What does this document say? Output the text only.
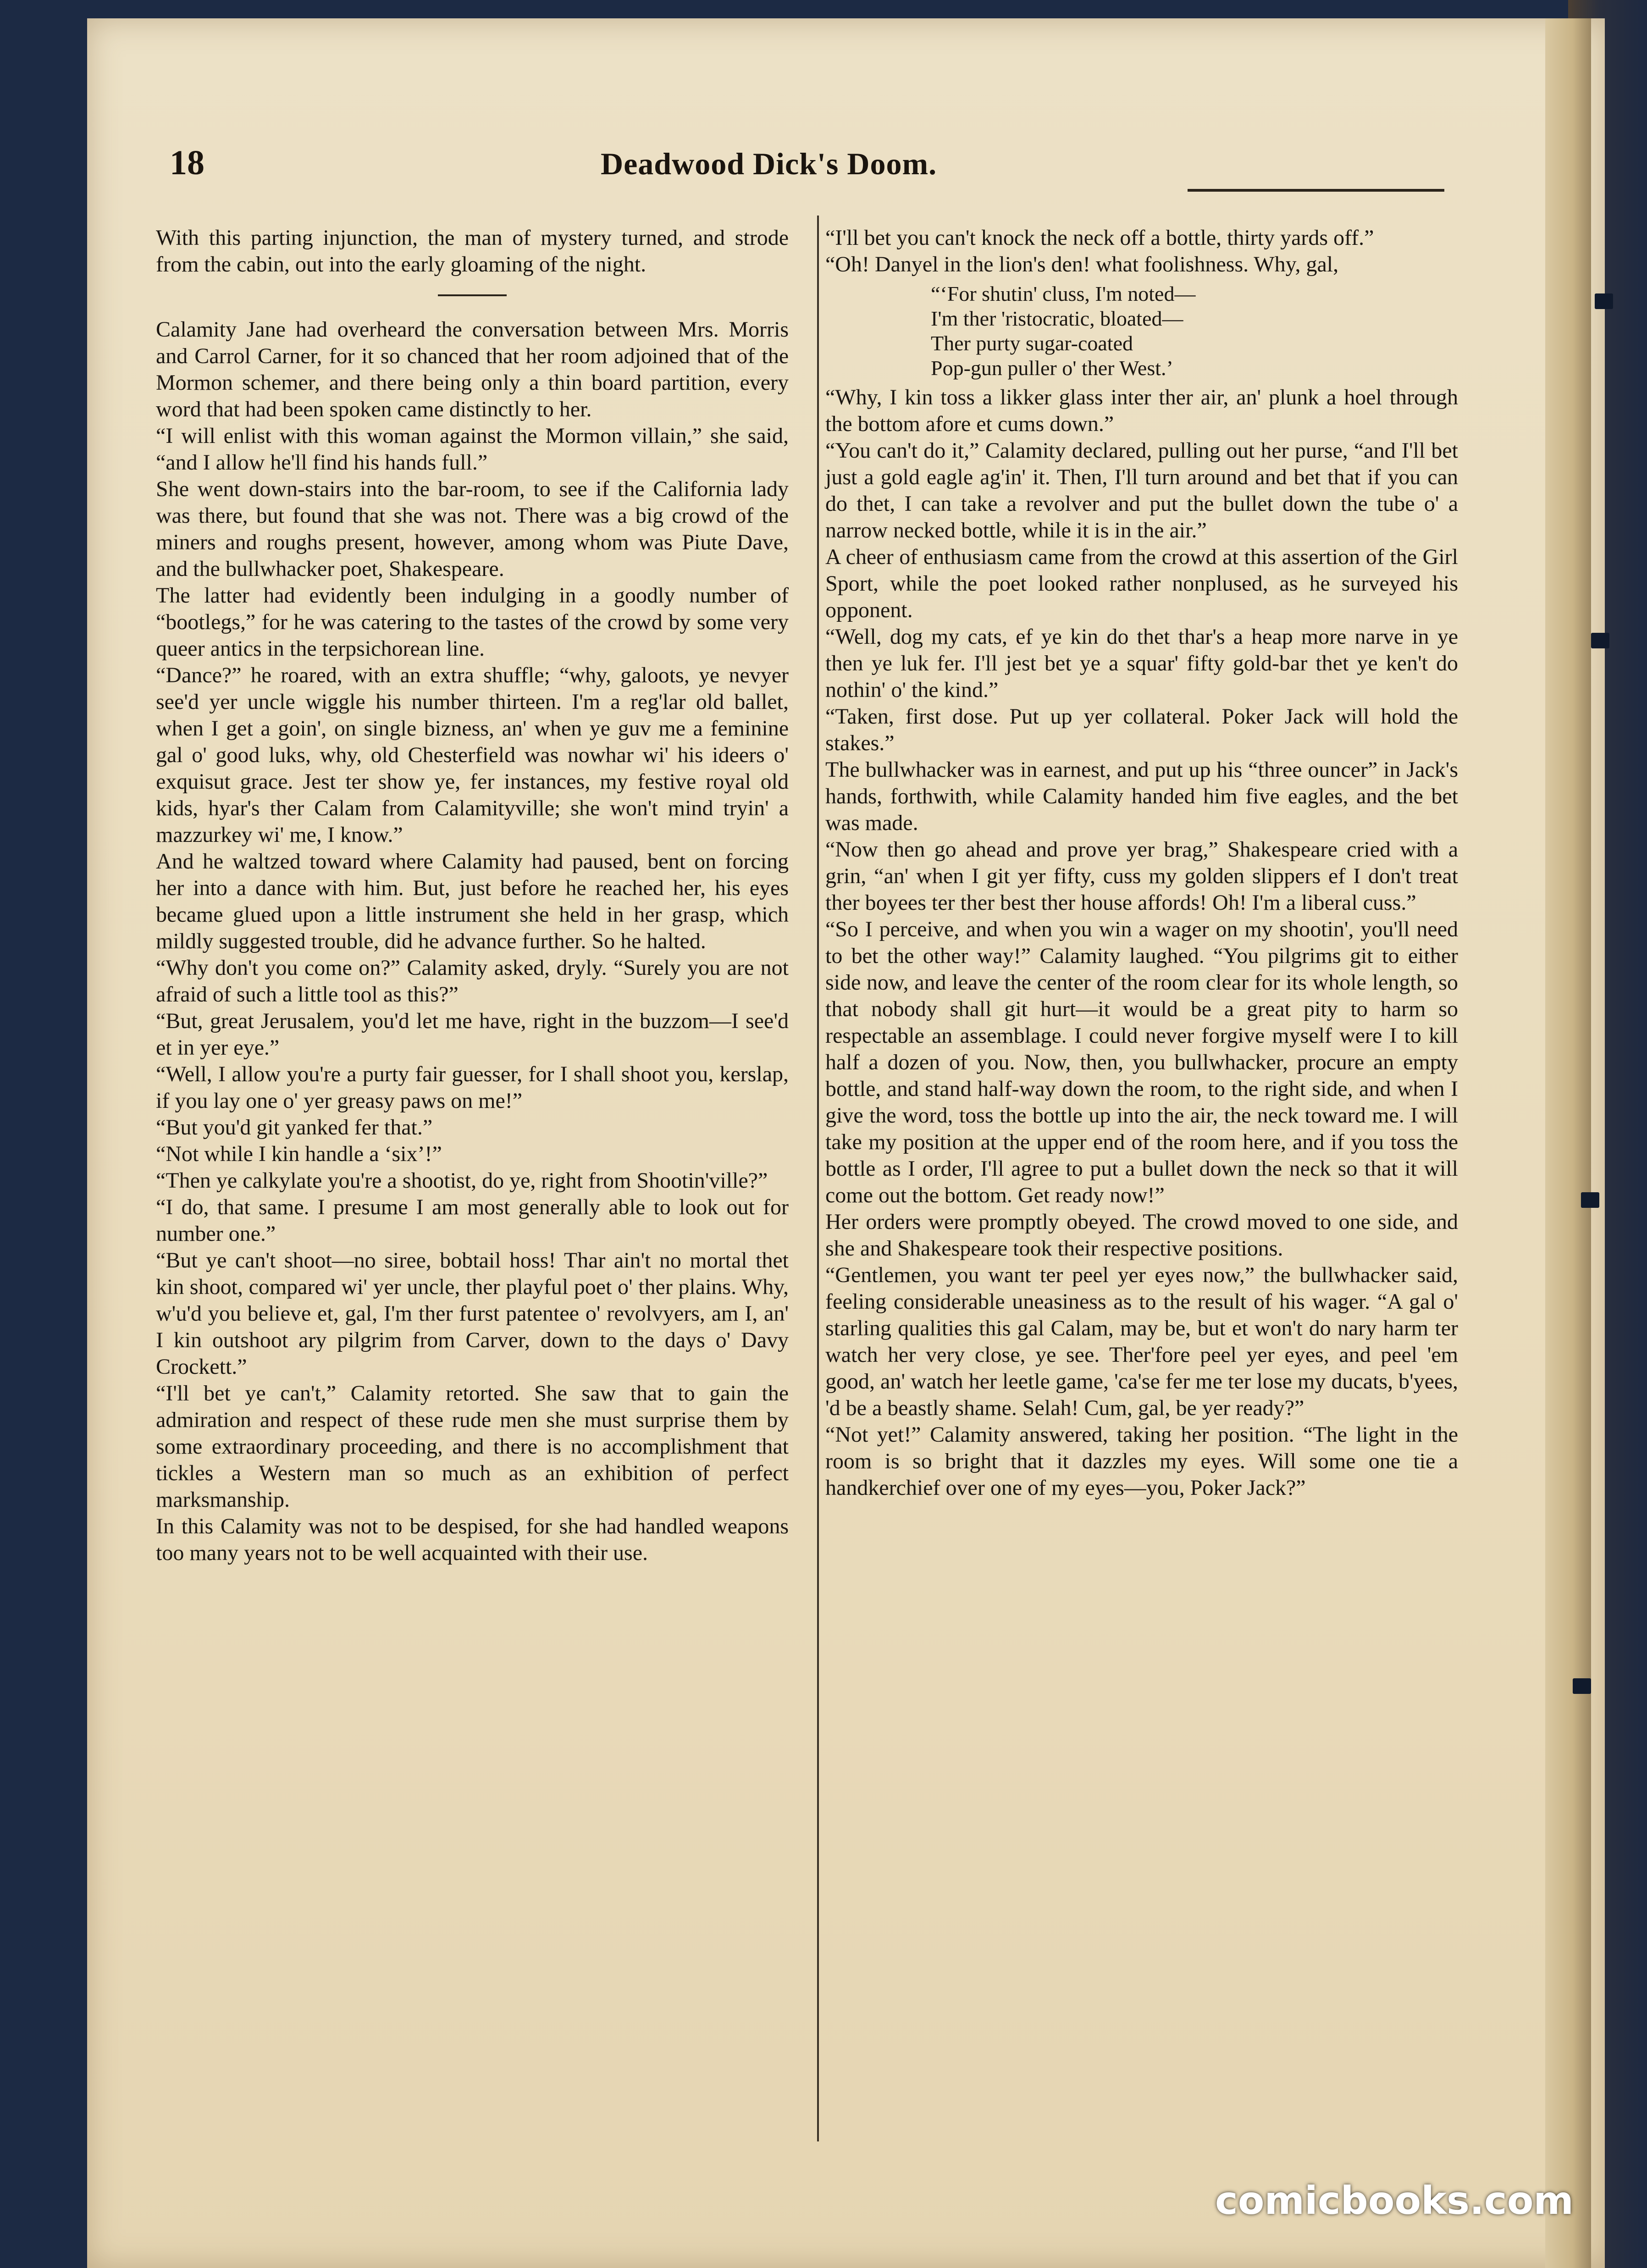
18	Deadwood Dick's Doom.

With this parting injunction, the man of mystery turned, and strode from the cabin, out into the early gloaming of the night.

Calamity Jane had overheard the conversation between Mrs. Morris and Carrol Carner, for it so chanced that her room adjoined that of the Mormon schemer, and there being only a thin board partition, every word that had been spoken came distinctly to her.

“I will enlist with this woman against the Mormon villain,” she said, “and I allow he'll find his hands full.”

She went down-stairs into the bar-room, to see if the California lady was there, but found that she was not. There was a big crowd of the miners and roughs present, however, among whom was Piute Dave, and the bullwhacker poet, Shakespeare.

The latter had evidently been indulging in a goodly number of “bootlegs,” for he was catering to the tastes of the crowd by some very queer antics in the terpsichorean line.

“Dance?” he roared, with an extra shuffle; “why, galoots, ye nevyer see'd yer uncle wiggle his number thirteen. I'm a reg'lar old ballet, when I get a goin', on single bizness, an' when ye guv me a feminine gal o' good luks, why, old Chesterfield was nowhar wi' his ideers o' exquisut grace. Jest ter show ye, fer instances, my festive royal old kids, hyar's ther Calam from Calamityville; she won't mind tryin' a mazzurkey wi' me, I know.”

And he waltzed toward where Calamity had paused, bent on forcing her into a dance with him. But, just before he reached her, his eyes became glued upon a little instrument she held in her grasp, which mildly suggested trouble, did he advance further. So he halted.

“Why don't you come on?” Calamity asked, dryly. “Surely you are not afraid of such a little tool as this?”

“But, great Jerusalem, you'd let me have, right in the buzzom—I see'd et in yer eye.”

“Well, I allow you're a purty fair guesser, for I shall shoot you, kerslap, if you lay one o' yer greasy paws on me!”

“But you'd git yanked fer that.”

“Not while I kin handle a ‘six’!”

“Then ye calkylate you're a shootist, do ye, right from Shootin'ville?”

“I do, that same. I presume I am most generally able to look out for number one.”

“But ye can't shoot—no siree, bobtail hoss! Thar ain't no mortal thet kin shoot, compared wi' yer uncle, ther playful poet o' ther plains. Why, w'u'd you believe et, gal, I'm ther furst patentee o' revolvyers, am I, an' I kin outshoot ary pilgrim from Carver, down to the days o' Davy Crockett.”

“I'll bet ye can't,” Calamity retorted. She saw that to gain the admiration and respect of these rude men she must surprise them by some extraordinary proceeding, and there is no accomplishment that tickles a Western man so much as an exhibition of perfect marksmanship.

In this Calamity was not to be despised, for she had handled weapons too many years not to be well acquainted with their use.

“I'll bet you can't knock the neck off a bottle, thirty yards off.”

“Oh! Danyel in the lion's den! what foolishness. Why, gal,

“‘For shutin' cluss, I'm noted—
I'm ther 'ristocratic, bloated—
Ther purty sugar-coated
Pop-gun puller o' ther West.’

“Why, I kin toss a likker glass inter ther air, an' plunk a hoel through the bottom afore et cums down.”

“You can't do it,” Calamity declared, pulling out her purse, “and I'll bet just a gold eagle ag'in' it. Then, I'll turn around and bet that if you can do thet, I can take a revolver and put the bullet down the tube o' a narrow necked bottle, while it is in the air.”

A cheer of enthusiasm came from the crowd at this assertion of the Girl Sport, while the poet looked rather nonplused, as he surveyed his opponent.

“Well, dog my cats, ef ye kin do thet thar's a heap more narve in ye then ye luk fer. I'll jest bet ye a squar' fifty gold-bar thet ye ken't do nothin' o' the kind.”

“Taken, first dose. Put up yer collateral. Poker Jack will hold the stakes.”

The bullwhacker was in earnest, and put up his “three ouncer” in Jack's hands, forthwith, while Calamity handed him five eagles, and the bet was made.

“Now then go ahead and prove yer brag,” Shakespeare cried with a grin, “an' when I git yer fifty, cuss my golden slippers ef I don't treat ther boyees ter ther best ther house affords! Oh! I'm a liberal cuss.”

“So I perceive, and when you win a wager on my shootin', you'll need to bet the other way!” Calamity laughed. “You pilgrims git to either side now, and leave the center of the room clear for its whole length, so that nobody shall git hurt—it would be a great pity to harm so respectable an assemblage. I could never forgive myself were I to kill half a dozen of you. Now, then, you bullwhacker, procure an empty bottle, and stand half-way down the room, to the right side, and when I give the word, toss the bottle up into the air, the neck toward me. I will take my position at the upper end of the room here, and if you toss the bottle as I order, I'll agree to put a bullet down the neck so that it will come out the bottom. Get ready now!”

Her orders were promptly obeyed. The crowd moved to one side, and she and Shakespeare took their respective positions.

“Gentlemen, you want ter peel yer eyes now,” the bullwhacker said, feeling considerable uneasiness as to the result of his wager. “A gal o' starling qualities this gal Calam, may be, but et won't do nary harm ter watch her very close, ye see. Ther'fore peel yer eyes, and peel 'em good, an' watch her leetle game, 'ca'se fer me ter lose my ducats, b'yees, 'd be a beastly shame. Selah! Cum, gal, be yer ready?”

“Not yet!” Calamity answered, taking her position. “The light in the room is so bright that it dazzles my eyes. Will some one tie a handkerchief over one of my eyes—you, Poker Jack?”

comicbooks.com
